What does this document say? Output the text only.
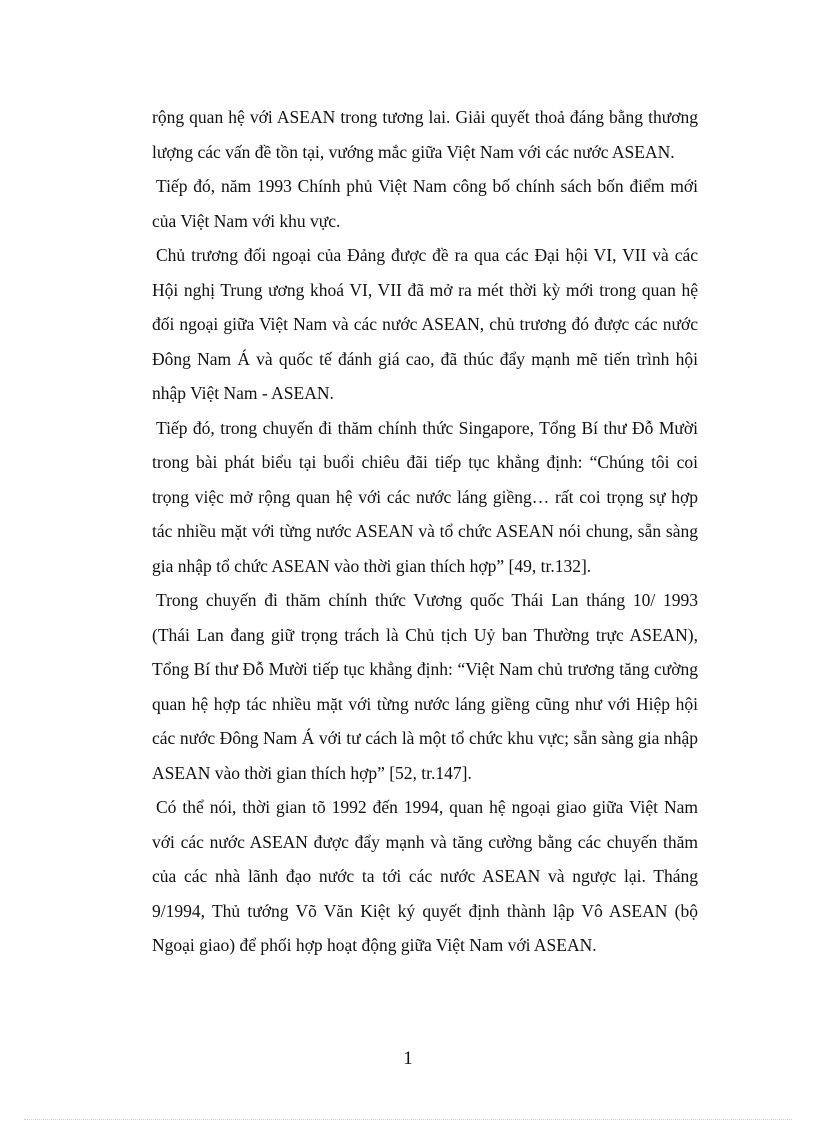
rộng quan hệ với ASEAN trong tương lai. Giải quyết thoả đáng bằng thương lượng các vấn đề tồn tại, vướng mắc giữa Việt Nam với các nước ASEAN.

Tiếp đó, năm 1993 Chính phủ Việt Nam công bố chính sách bốn điểm mới của Việt Nam với khu vực.

Chủ trương đối ngoại của Đảng được đề ra qua các Đại hội VI, VII và các Hội nghị Trung ương khoá VI, VII đã mở ra mét thời kỳ mới trong quan hệ đối ngoại giữa Việt Nam và các nước ASEAN, chủ trương đó được các nước Đông Nam Á và quốc tế đánh giá cao, đã thúc đẩy mạnh mẽ tiến trình hội nhập Việt Nam - ASEAN.

Tiếp đó, trong chuyến đi thăm chính thức Singapore, Tổng Bí thư Đỗ Mười trong bài phát biểu tại buổi chiêu đãi tiếp tục khẳng định: “Chúng tôi coi trọng việc mở rộng quan hệ với các nước láng giềng… rất coi trọng sự hợp tác nhiều mặt với từng nước ASEAN và tổ chức ASEAN nói chung, sẵn sàng gia nhập tổ chức ASEAN vào thời gian thích hợp” [49, tr.132].

Trong chuyến đi thăm chính thức Vương quốc Thái Lan tháng 10/ 1993 (Thái Lan đang giữ trọng trách là Chủ tịch Uỷ ban Thường trực ASEAN), Tổng Bí thư Đỗ Mười tiếp tục khẳng định: “Việt Nam chủ trương tăng cường quan hệ hợp tác nhiều mặt với từng nước láng giềng cũng như với Hiệp hội các nước Đông Nam Á với tư cách là một tổ chức khu vực; sẵn sàng gia nhập ASEAN vào thời gian thích hợp” [52, tr.147].

Có thể nói, thời gian tõ 1992 đến 1994, quan hệ ngoại giao giữa Việt Nam với các nước ASEAN được đẩy mạnh và tăng cường bằng các chuyến thăm của các nhà lãnh đạo nước ta tới các nước ASEAN và ngược lại. Tháng 9/1994, Thủ tướng Võ Văn Kiệt ký quyết định thành lập Vô ASEAN (bộ Ngoại giao) để phối hợp hoạt động giữa Việt Nam với ASEAN.

1
